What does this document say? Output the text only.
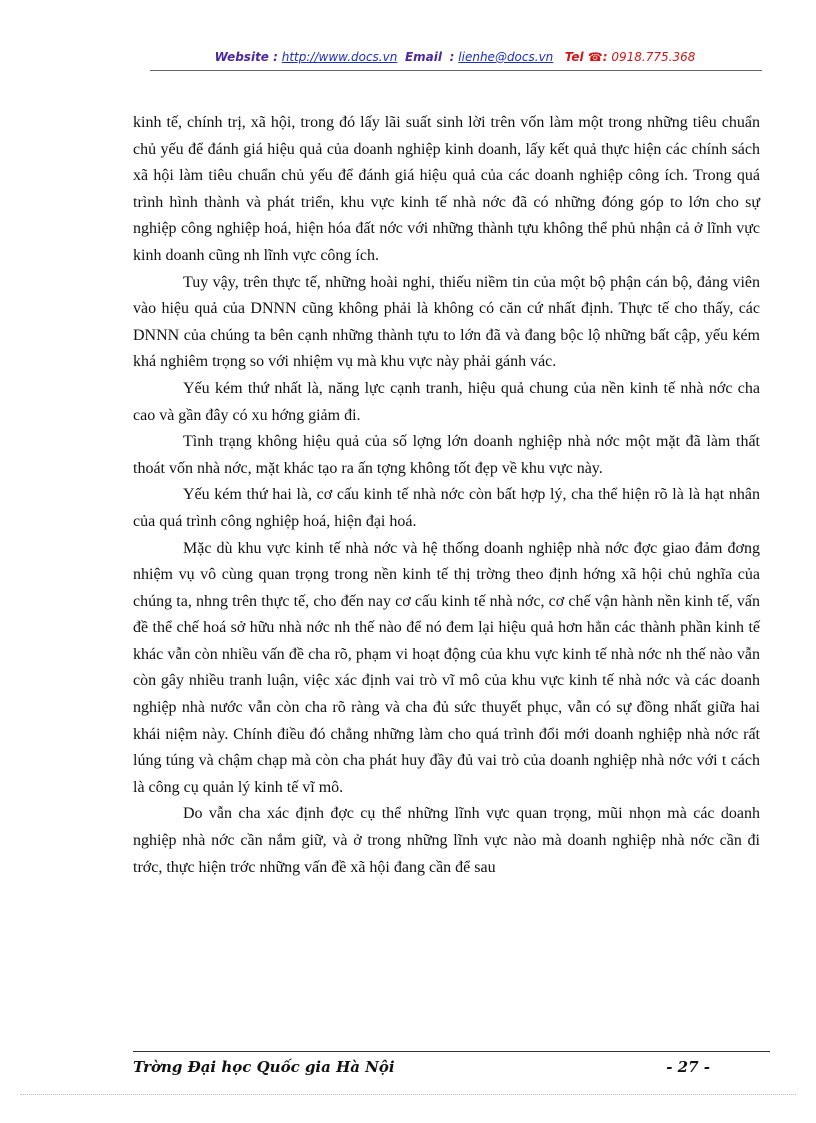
Website : http://www.docs.vn Email : lienhe@docs.vn Tel ☎: 0918.775.368

kinh tế, chính trị, xã hội, trong đó lấy lãi suất sinh lời trên vốn làm một trong những tiêu chuẩn chủ yếu để đánh giá hiệu quả của doanh nghiệp kinh doanh, lấy kết quả thực hiện các chính sách xã hội làm tiêu chuẩn chủ yếu để đánh giá hiệu quả của các doanh nghiệp công ích. Trong quá trình hình thành và phát triển, khu vực kinh tế nhà nớc đã có những đóng góp to lớn cho sự nghiệp công nghiệp hoá, hiện hóa đất nớc với những thành tựu không thể phủ nhận cả ở lĩnh vực kinh doanh cũng nh lĩnh vực công ích.

Tuy vậy, trên thực tế, những hoài nghi, thiếu niềm tin của một bộ phận cán bộ, đảng viên vào hiệu quả của DNNN cũng không phải là không có căn cứ nhất định. Thực tế cho thấy, các DNNN của chúng ta bên cạnh những thành tựu to lớn đã và đang bộc lộ những bất cập, yếu kém khá nghiêm trọng so với nhiệm vụ mà khu vực này phải gánh vác.

Yếu kém thứ nhất là, năng lực cạnh tranh, hiệu quả chung của nền kinh tế nhà nớc cha cao và gần đây có xu hớng giảm đi.

Tình trạng không hiệu quả của số lợng lớn doanh nghiệp nhà nớc một mặt đã làm thất thoát vốn nhà nớc, mặt khác tạo ra ấn tợng không tốt đẹp về khu vực này.

Yếu kém thứ hai là, cơ cấu kinh tế nhà nớc còn bất hợp lý, cha thể hiện rõ là là hạt nhân của quá trình công nghiệp hoá, hiện đại hoá.

Mặc dù khu vực kinh tế nhà nớc và hệ thống doanh nghiệp nhà nớc đợc giao đảm đơng nhiệm vụ vô cùng quan trọng trong nền kinh tế thị trờng theo định hớng xã hội chủ nghĩa của chúng ta, nhng trên thực tế, cho đến nay cơ cấu kinh tế nhà nớc, cơ chế vận hành nền kinh tế, vấn đề thể chế hoá sở hữu nhà nớc nh thế nào để nó đem lại hiệu quả hơn hẳn các thành phần kinh tế khác vẫn còn nhiều vấn đề cha rõ, phạm vi hoạt động của khu vực kinh tế nhà nớc nh thế nào vẫn còn gây nhiều tranh luận, việc xác định vai trò vĩ mô của khu vực kinh tế nhà nớc và các doanh nghiệp nhà nước vẫn còn cha rõ ràng và cha đủ sức thuyết phục, vẫn có sự đồng nhất giữa hai khái niệm này. Chính điều đó chẳng những làm cho quá trình đổi mới doanh nghiệp nhà nớc rất lúng túng và chậm chạp mà còn cha phát huy đầy đủ vai trò của doanh nghiệp nhà nớc với t cách là công cụ quản lý kinh tế vĩ mô.

Do vẫn cha xác định đợc cụ thể những lĩnh vực quan trọng, mũi nhọn mà các doanh nghiệp nhà nớc cần nắm giữ, và ở trong những lĩnh vực nào mà doanh nghiệp nhà nớc cần đi trớc, thực hiện trớc những vấn đề xã hội đang cần để sau

Trờng Đại học Quốc gia Hà Nội	- 27 -
